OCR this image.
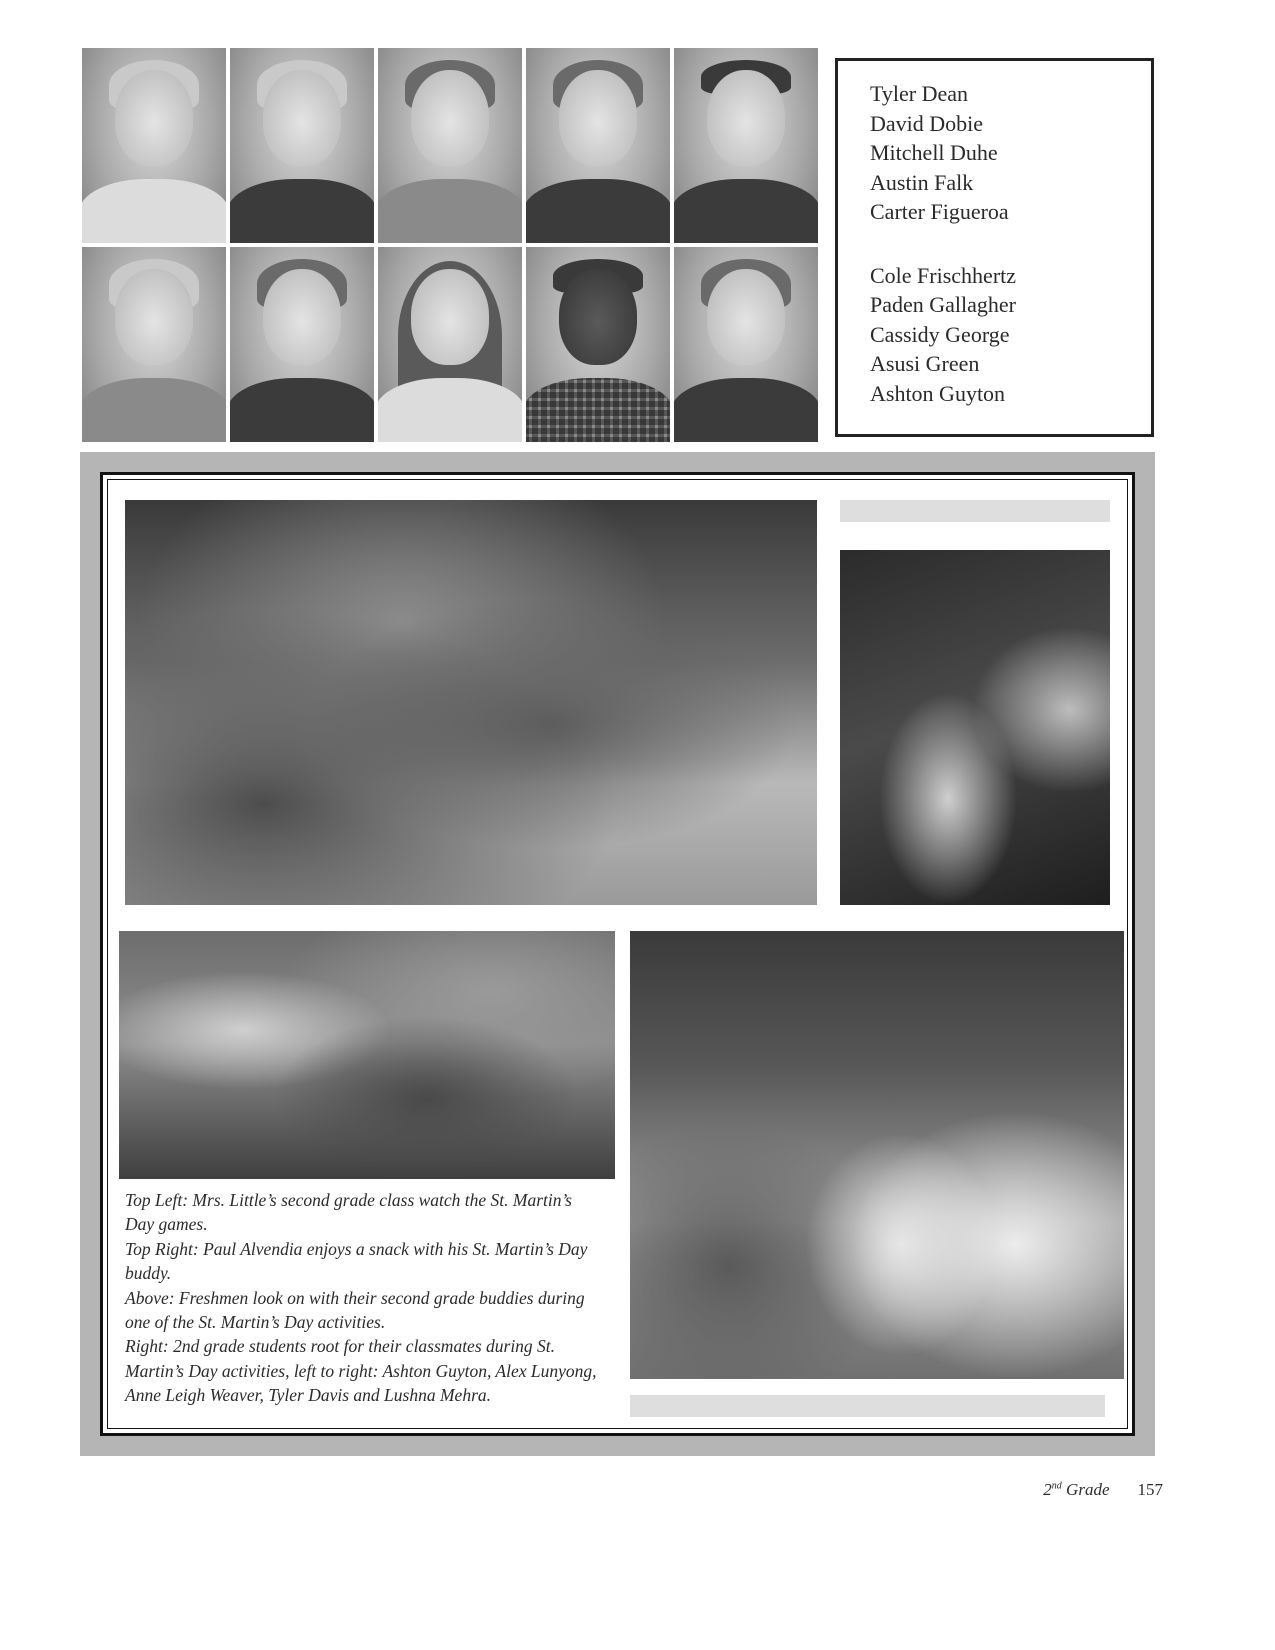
Tyler Dean
David Dobie
Mitchell Duhe
Austin Falk
Carter Figueroa
Cole Frischhertz
Paden Gallagher
Cassidy George
Asusi Green
Ashton Guyton

Top Left: Mrs. Little’s second grade class watch the St. Martin’s Day games.

Top Right: Paul Alvendia enjoys a snack with his St. Martin’s Day buddy.

Above: Freshmen look on with their second grade buddies during one of the St. Martin’s Day activities.

Right: 2nd grade students root for their classmates during St. Martin’s Day activities, left to right: Ashton Guyton, Alex Lunyong, Anne Leigh Weaver, Tyler Davis and Lushna Mehra.

2nd Grade 157
